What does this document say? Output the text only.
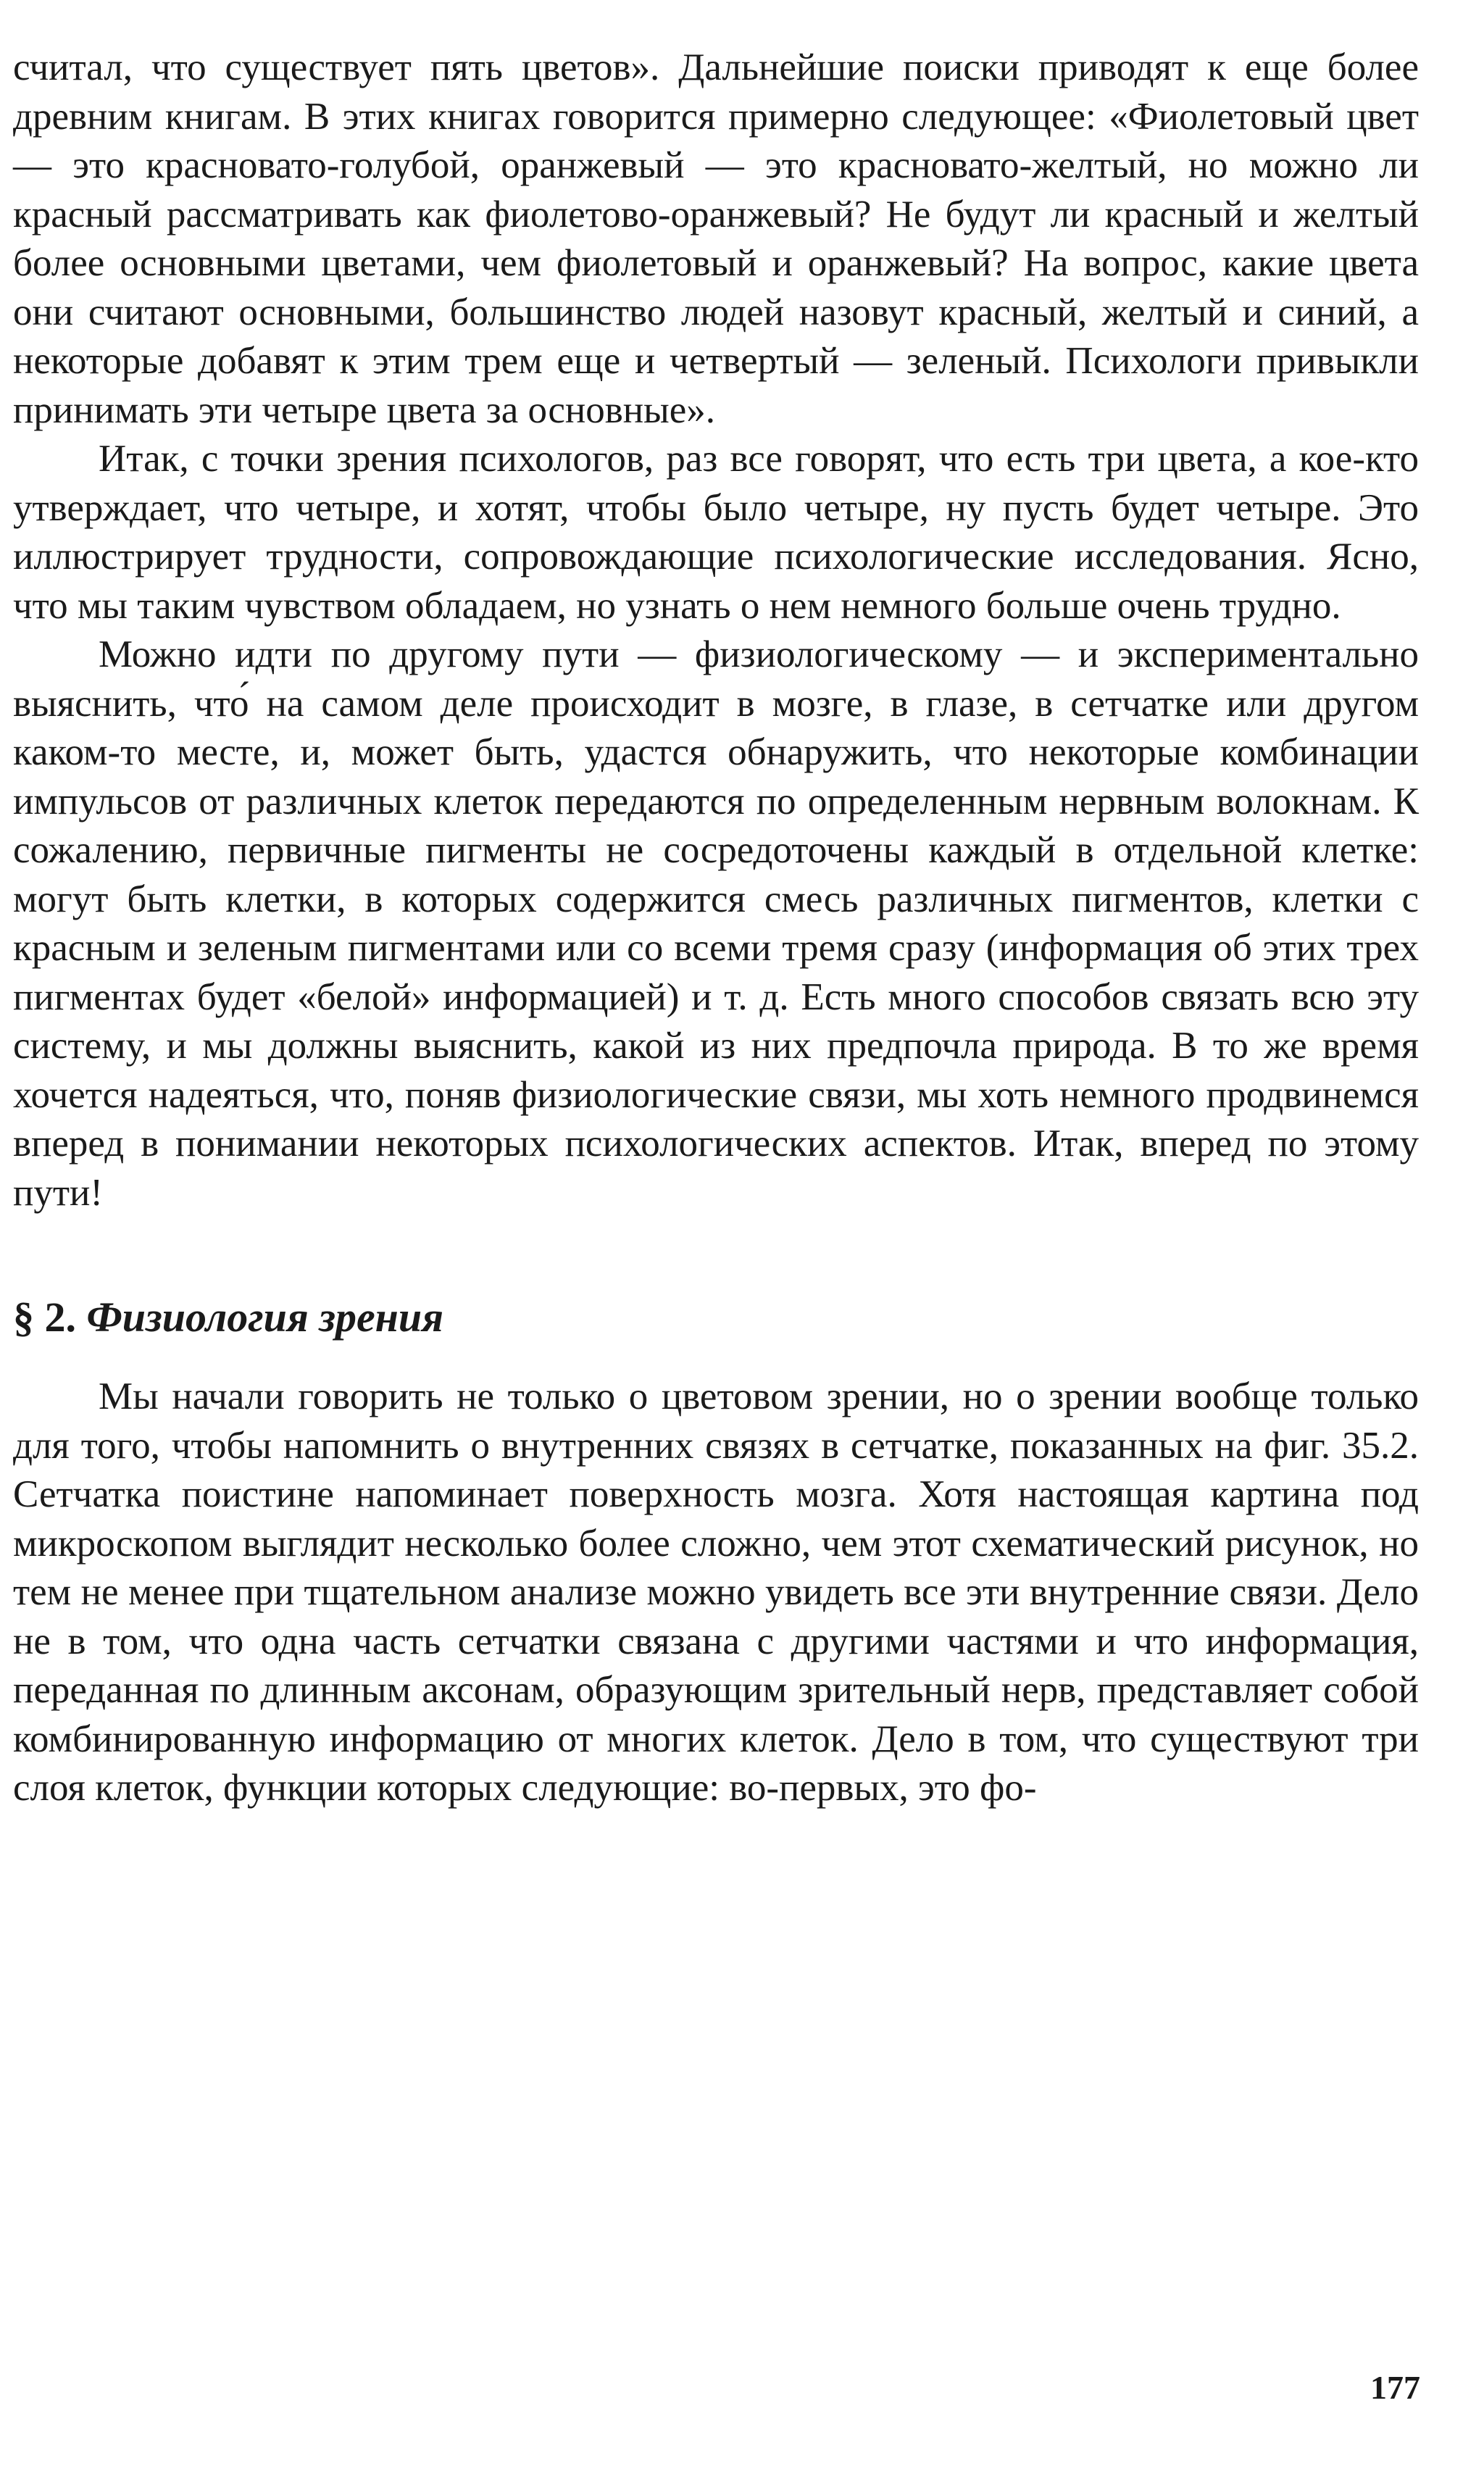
считал, что существует пять цветов». Дальнейшие поиски приводят к еще более древним книгам. В этих книгах говорится примерно следующее: «Фиолетовый цвет — это красновато-голубой, оранжевый — это красновато-желтый, но можно ли красный рассматривать как фиолетово-оранжевый? Не будут ли красный и желтый более основными цветами, чем фиолетовый и оранжевый? На вопрос, какие цвета они считают основными, большинство людей назовут красный, желтый и синий, а некоторые добавят к этим трем еще и четвертый — зеленый. Психологи привыкли принимать эти четыре цвета за основные».

Итак, с точки зрения психологов, раз все говорят, что есть три цвета, а кое-кто утверждает, что четыре, и хотят, чтобы было четыре, ну пусть будет четыре. Это иллюстрирует трудности, сопровождающие психологические исследования. Ясно, что мы таким чувством обладаем, но узнать о нем немного больше очень трудно.

Можно идти по другому пути — физиологическому — и экспериментально выяснить, что́ на самом деле происходит в мозге, в глазе, в сетчатке или другом каком-то месте, и, может быть, удастся обнаружить, что некоторые комбинации импульсов от различных клеток передаются по определенным нервным волокнам. К сожалению, первичные пигменты не сосредоточены каждый в отдельной клетке: могут быть клетки, в которых содержится смесь различных пигментов, клетки с красным и зеленым пигментами или со всеми тремя сразу (информация об этих трех пигментах будет «белой» информацией) и т. д. Есть много способов связать всю эту систему, и мы должны выяснить, какой из них предпочла природа. В то же время хочется надеяться, что, поняв физиологические связи, мы хоть немного продвинемся вперед в понимании некоторых психологических аспектов. Итак, вперед по этому пути!

§ 2. Физиология зрения

Мы начали говорить не только о цветовом зрении, но о зрении вообще только для того, чтобы напомнить о внутренних связях в сетчатке, показанных на фиг. 35.2. Сетчатка поистине напоминает поверхность мозга. Хотя настоящая картина под микроскопом выглядит несколько более сложно, чем этот схематический рисунок, но тем не менее при тщательном анализе можно увидеть все эти внутренние связи. Дело не в том, что одна часть сетчатки связана с другими частями и что информация, переданная по длинным аксонам, образующим зрительный нерв, представляет собой комбинированную информацию от многих клеток. Дело в том, что существуют три слоя клеток, функции которых следующие: во-первых, это фо-

177
